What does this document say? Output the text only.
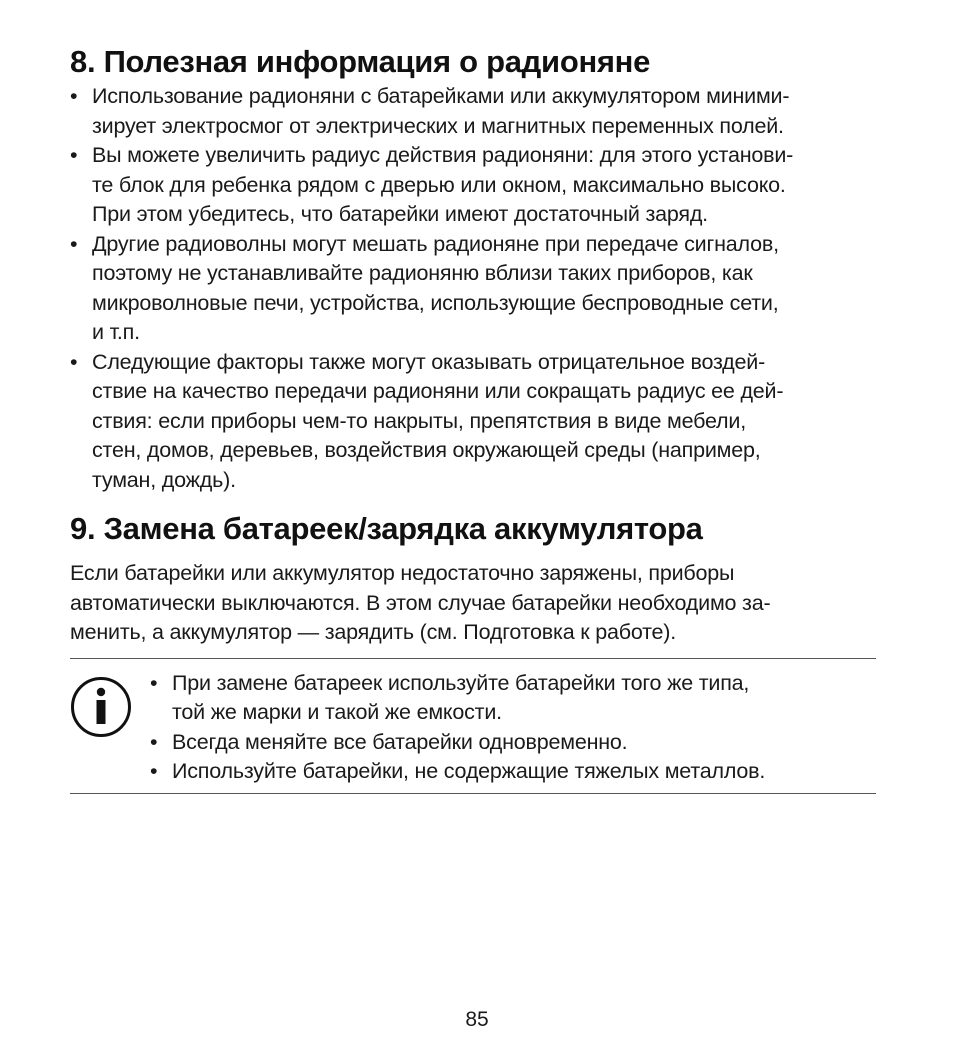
8. Полезная информация о радионяне
• Использование радионяни с батарейками или аккумулятором миними-
зирует электросмог от электрических и магнитных переменных полей.
• Вы можете увеличить радиус действия радионяни: для этого установи-
те блок для ребенка рядом с дверью или окном, максимально высоко.
При этом убедитесь, что батарейки имеют достаточный заряд.
• Другие радиоволны могут мешать радионяне при передаче сигналов,
поэтому не устанавливайте радионяню вблизи таких приборов, как
микроволновые печи, устройства, использующие беспроводные сети,
и т.п.
• Следующие факторы также могут оказывать отрицательное воздей-
ствие на качество передачи радионяни или сокращать радиус ее дей-
ствия: если приборы чем-то накрыты, препятствия в виде мебели,
стен, домов, деревьев, воздействия окружающей среды (например,
туман, дождь).
9. Замена батареек/зарядка аккумулятора

Если батарейки или аккумулятор недостаточно заряжены, приборы
автоматически выключаются. В этом случае батарейки необходимо за-
менить, а аккумулятор — зарядить (см. Подготовка к работе).

• При замене батареек используйте батарейки того же типа,
той же марки и такой же емкости.
• Всегда меняйте все батарейки одновременно.
• Используйте батарейки, не содержащие тяжелых металлов.
85
